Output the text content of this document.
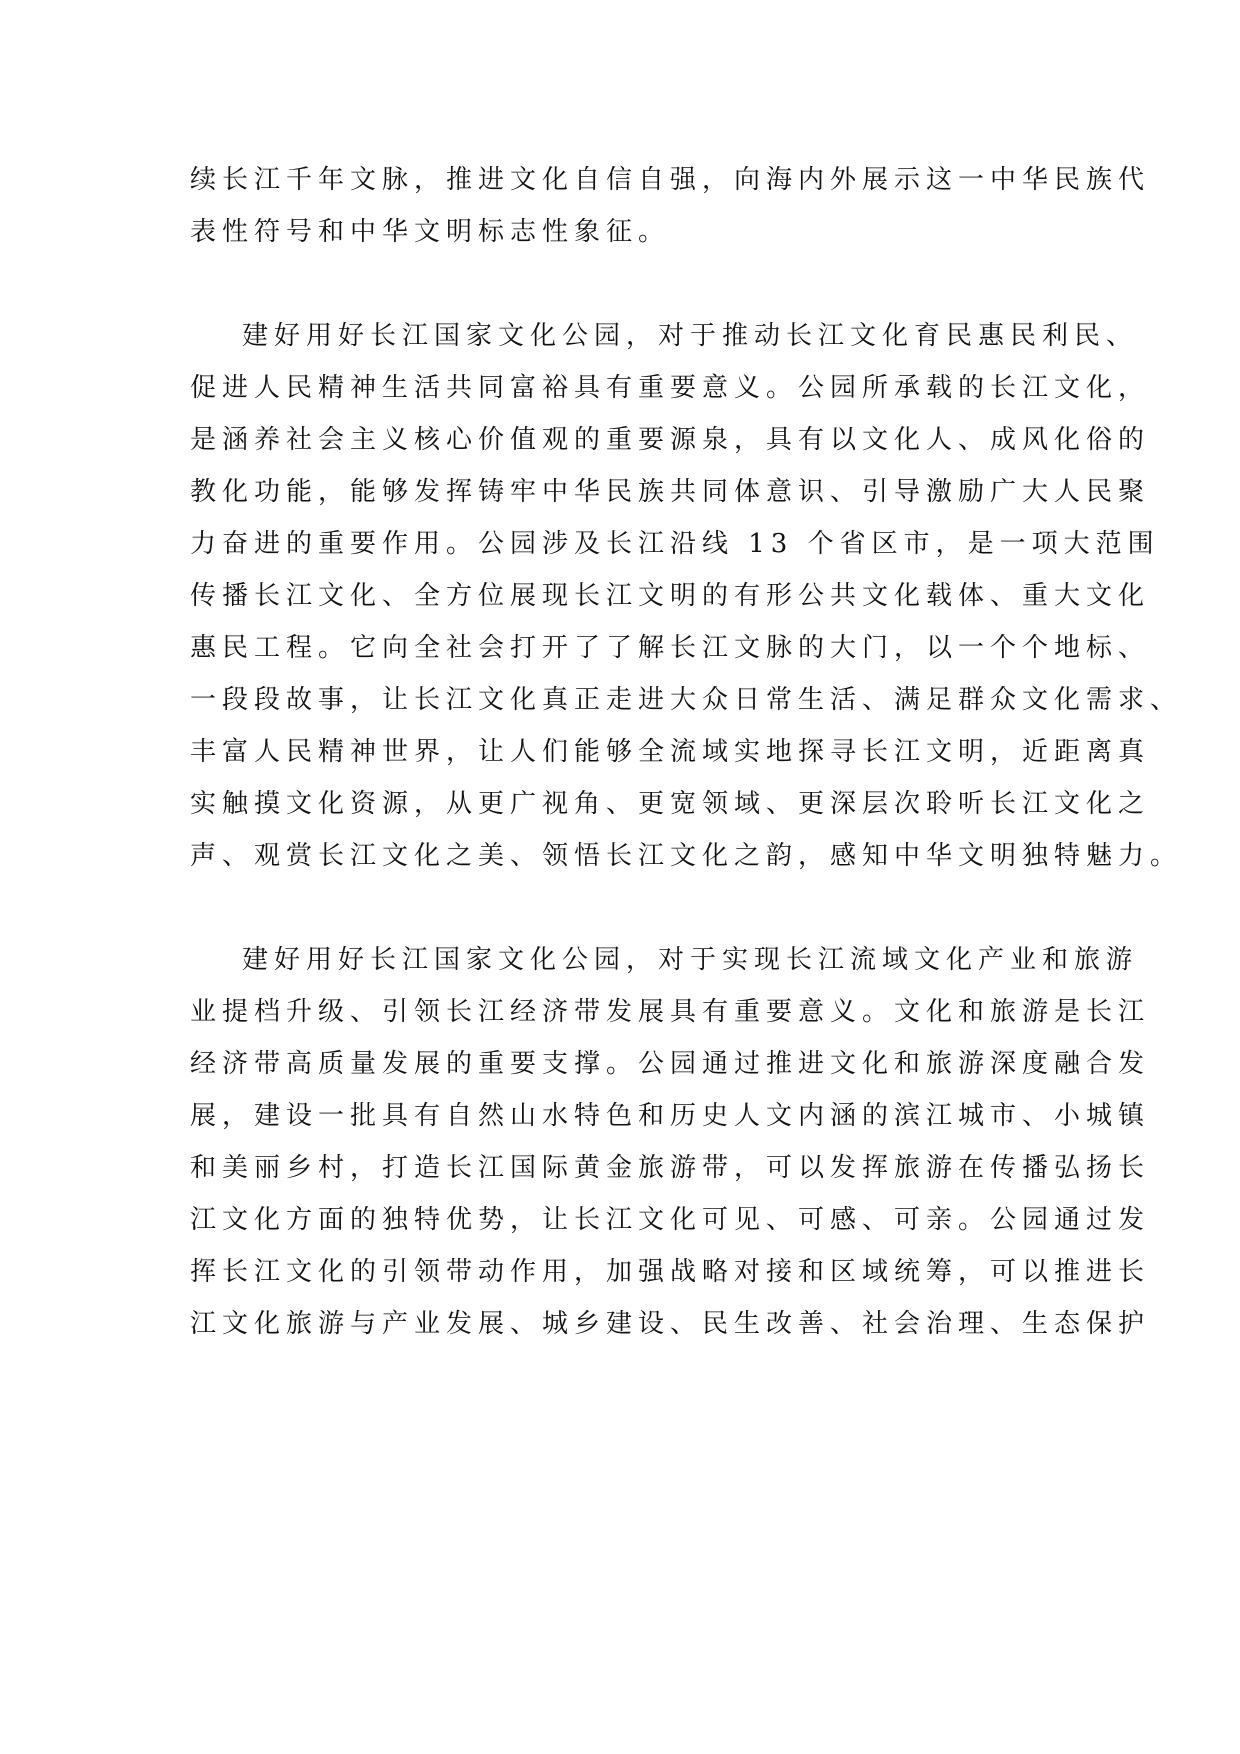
续长江千年文脉，推进文化自信自强，向海内外展示这一中华民族代
表性符号和中华文明标志性象征。
建好用好长江国家文化公园，对于推动长江文化育民惠民利民、
促进人民精神生活共同富裕具有重要意义。公园所承载的长江文化，
是涵养社会主义核心价值观的重要源泉，具有以文化人、成风化俗的
教化功能，能够发挥铸牢中华民族共同体意识、引导激励广大人民聚
力奋进的重要作用。公园涉及长江沿线 13 个省区市，是一项大范围
传播长江文化、全方位展现长江文明的有形公共文化载体、重大文化
惠民工程。它向全社会打开了了解长江文脉的大门，以一个个地标、
一段段故事，让长江文化真正走进大众日常生活、满足群众文化需求、
丰富人民精神世界，让人们能够全流域实地探寻长江文明，近距离真
实触摸文化资源，从更广视角、更宽领域、更深层次聆听长江文化之
声、观赏长江文化之美、领悟长江文化之韵，感知中华文明独特魅力。
建好用好长江国家文化公园，对于实现长江流域文化产业和旅游
业提档升级、引领长江经济带发展具有重要意义。文化和旅游是长江
经济带高质量发展的重要支撑。公园通过推进文化和旅游深度融合发
展，建设一批具有自然山水特色和历史人文内涵的滨江城市、小城镇
和美丽乡村，打造长江国际黄金旅游带，可以发挥旅游在传播弘扬长
江文化方面的独特优势，让长江文化可见、可感、可亲。公园通过发
挥长江文化的引领带动作用，加强战略对接和区域统筹，可以推进长
江文化旅游与产业发展、城乡建设、民生改善、社会治理、生态保护
